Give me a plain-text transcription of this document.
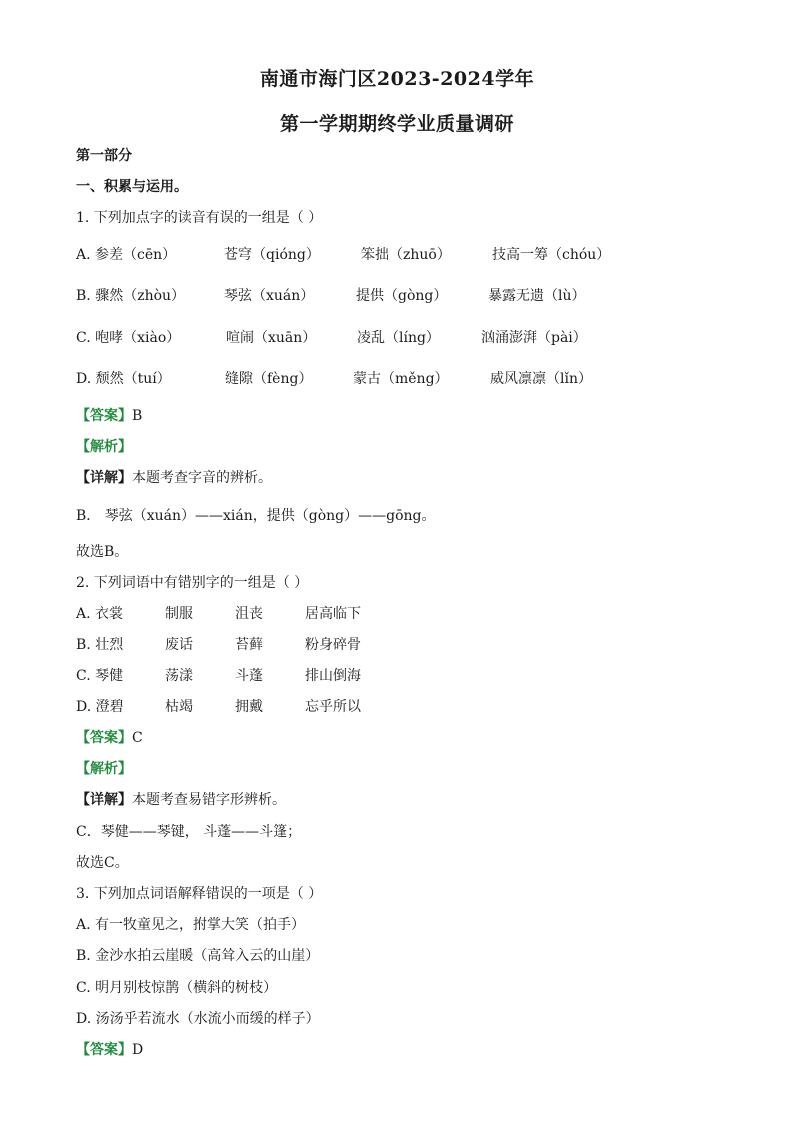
南通市海门区2023-2024学年
第一学期期终学业质量调研
第一部分
一、积累与运用。
1. 下列加点字的读音有误的一组是（ ）
A. 参差（cēn）	苍穹（qióng）	笨拙（zhuō）	技高一筹（chóu）
B. 骤然（zhòu）	琴弦（xuán）	提供（gòng）	暴露无遗（lù）
C. 咆哮（xiào）	喧闹（xuān）	凌乱（líng）	汹涌澎湃（pài）
D. 颓然（tuí）	缝隙（fèng）	蒙古（měng）	威风凛凛（lǐn）
【答案】B
【解析】
【详解】本题考查字音的辨析。
B． 琴弦（xuán）——xián，提供（gòng）——gōng。
故选B。
2. 下列词语中有错别字的一组是（ ）
A. 衣裳	制服	沮丧	居高临下
B. 壮烈	废话	苔藓	粉身碎骨
C. 琴健	荡漾	斗蓬	排山倒海
D. 澄碧	枯竭	拥戴	忘乎所以
【答案】C
【解析】
【详解】本题考查易错字形辨析。
C．琴健——琴键， 斗蓬——斗篷；
故选C。
3. 下列加点词语解释错误的一项是（ ）
A. 有一牧童见之，拊掌大笑（拍手）
B. 金沙水拍云崖暖（高耸入云的山崖）
C. 明月别枝惊鹊（横斜的树枝）
D. 汤汤乎若流水（水流小而缓的样子）
【答案】D
